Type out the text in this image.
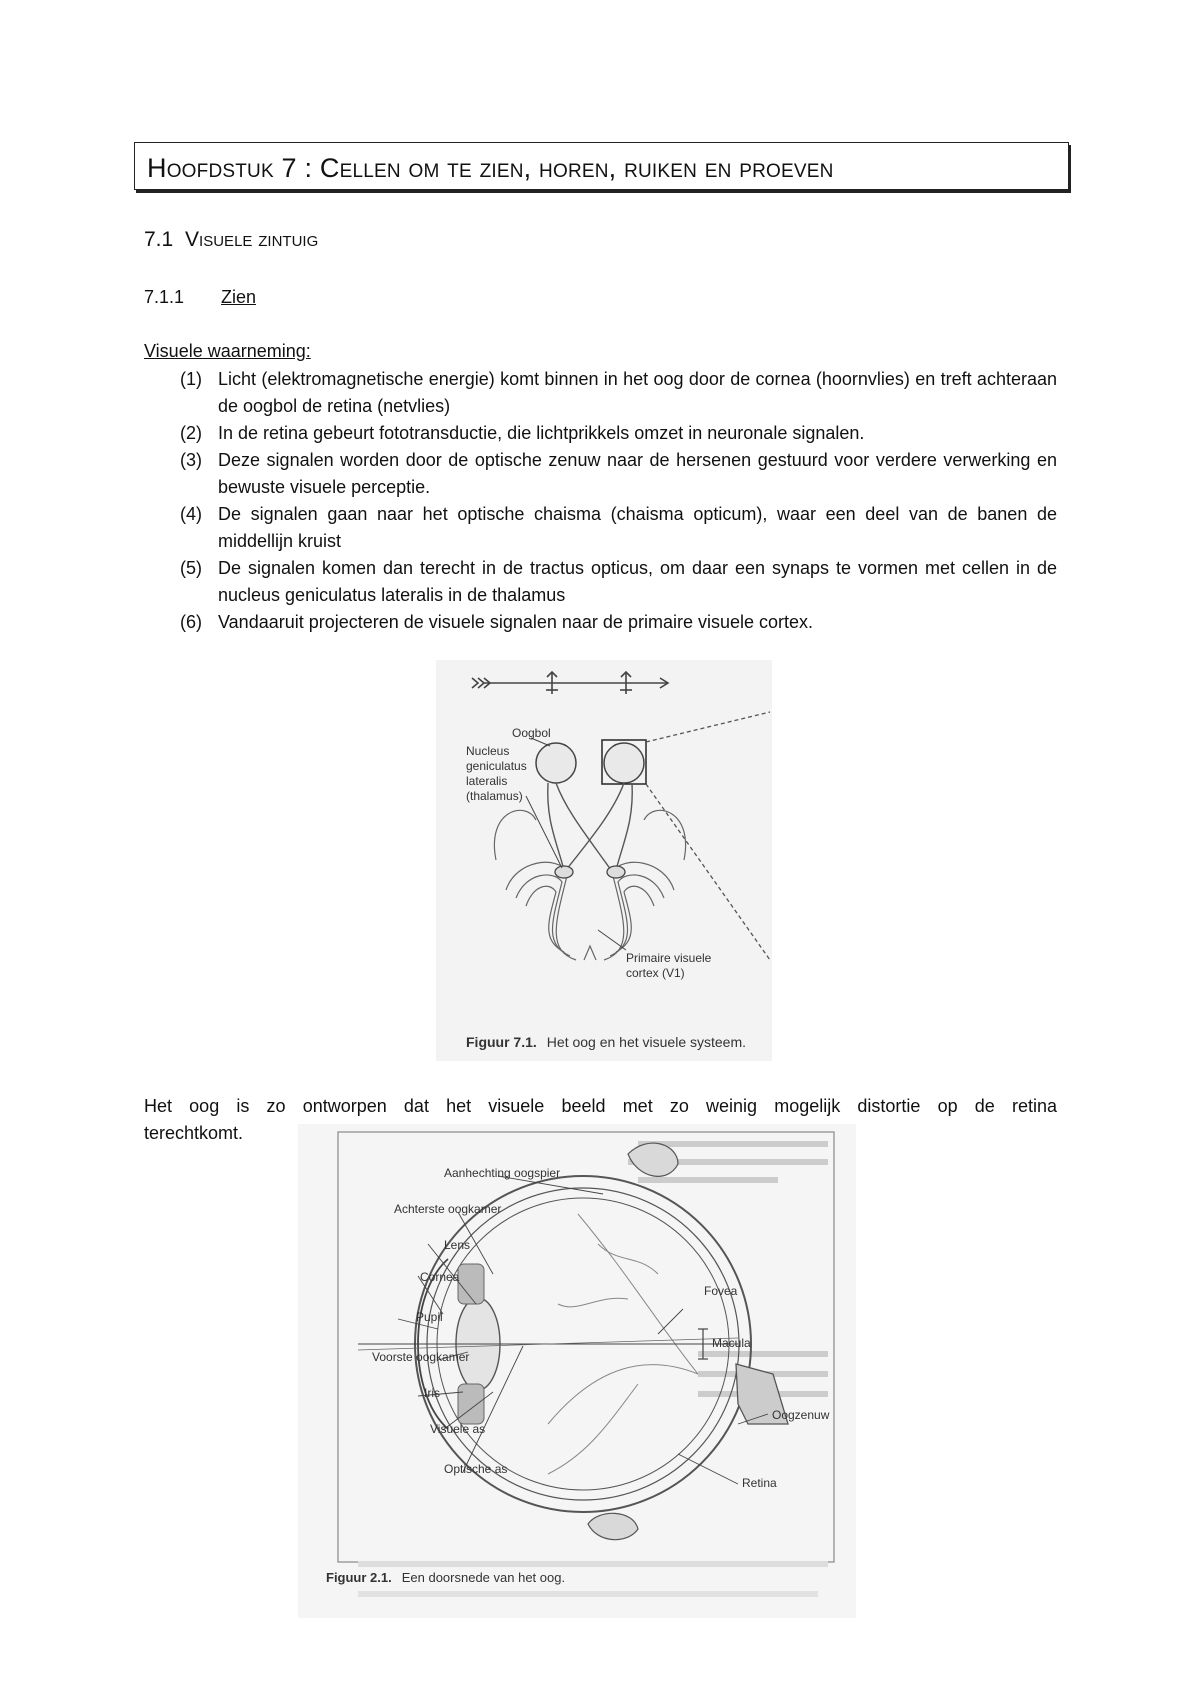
Hoofdstuk 7 : Cellen om te zien, horen, ruiken en proeven
7.1 Visuele zintuig
7.1.1 Zien
Visuele waarneming:
(1) Licht (elektromagnetische energie) komt binnen in het oog door de cornea (hoornvlies) en treft achteraan de oogbol de retina (netvlies)
(2) In de retina gebeurt fototransductie, die lichtprikkels omzet in neuronale signalen.
(3) Deze signalen worden door de optische zenuw naar de hersenen gestuurd voor verdere verwerking en bewuste visuele perceptie.
(4) De signalen gaan naar het optische chaisma (chaisma opticum), waar een deel van de banen de middellijn kruist
(5) De signalen komen dan terecht in de tractus opticus, om daar een synaps te vormen met cellen in de nucleus geniculatus lateralis in de thalamus
(6) Vandaaruit projecteren de visuele signalen naar de primaire visuele cortex.
Oogbol
Nucleus
geniculatus
lateralis
(thalamus)
Primaire visuele
cortex (V1)
Figuur 7.1. Het oog en het visuele systeem.
Het oog is zo ontworpen dat het visuele beeld met zo weinig mogelijk distortie op de retina
terechtkomt.
Aanhechting oogspier
Achterste oogkamer
Lens
Cornea
Pupil
Voorste oogkamer
Iris
Visuele as
Optische as
Fovea
Macula
Oogzenuw
Retina
Figuur 2.1. Een doorsnede van het oog.
